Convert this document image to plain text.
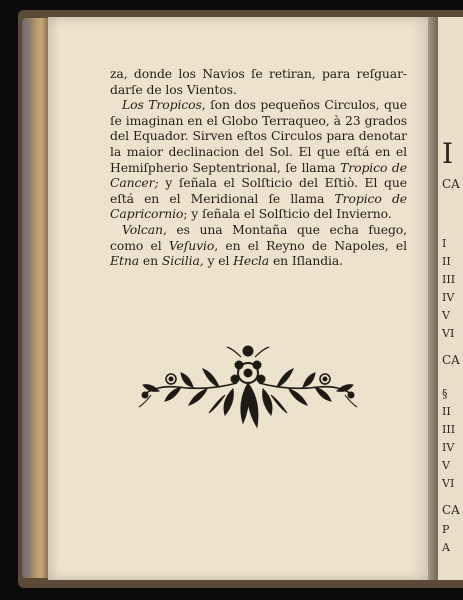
I
CA
I
II
III
IV
V
VI
CA
§
II
III
IV
V
VI
CA
P
A

za, donde los Navios ſe retiran, para reſguar- darſe de los Vientos.

Los Tropicos, ſon dos pequeños Circulos, que ſe imaginan en el Globo Terraqueo, à 23 grados del Equador. Sirven eſtos Circulos para denotar la maior declinacion del Sol. El que eſtá en el Hemiſpherio Septentrional, ſe llama Tropico de Cancer; y ſeñala el Solſticio del Eſtiò. El que eſtá en el Meridional ſe llama Tropico de Capricornio; y ſeñala el Solſticio del Invierno.

Volcan, es una Montaña que echa fuego, como el Veſuvio, en el Reyno de Napoles, el Etna en Sicilia, y el Hecla en Iſlandia.
